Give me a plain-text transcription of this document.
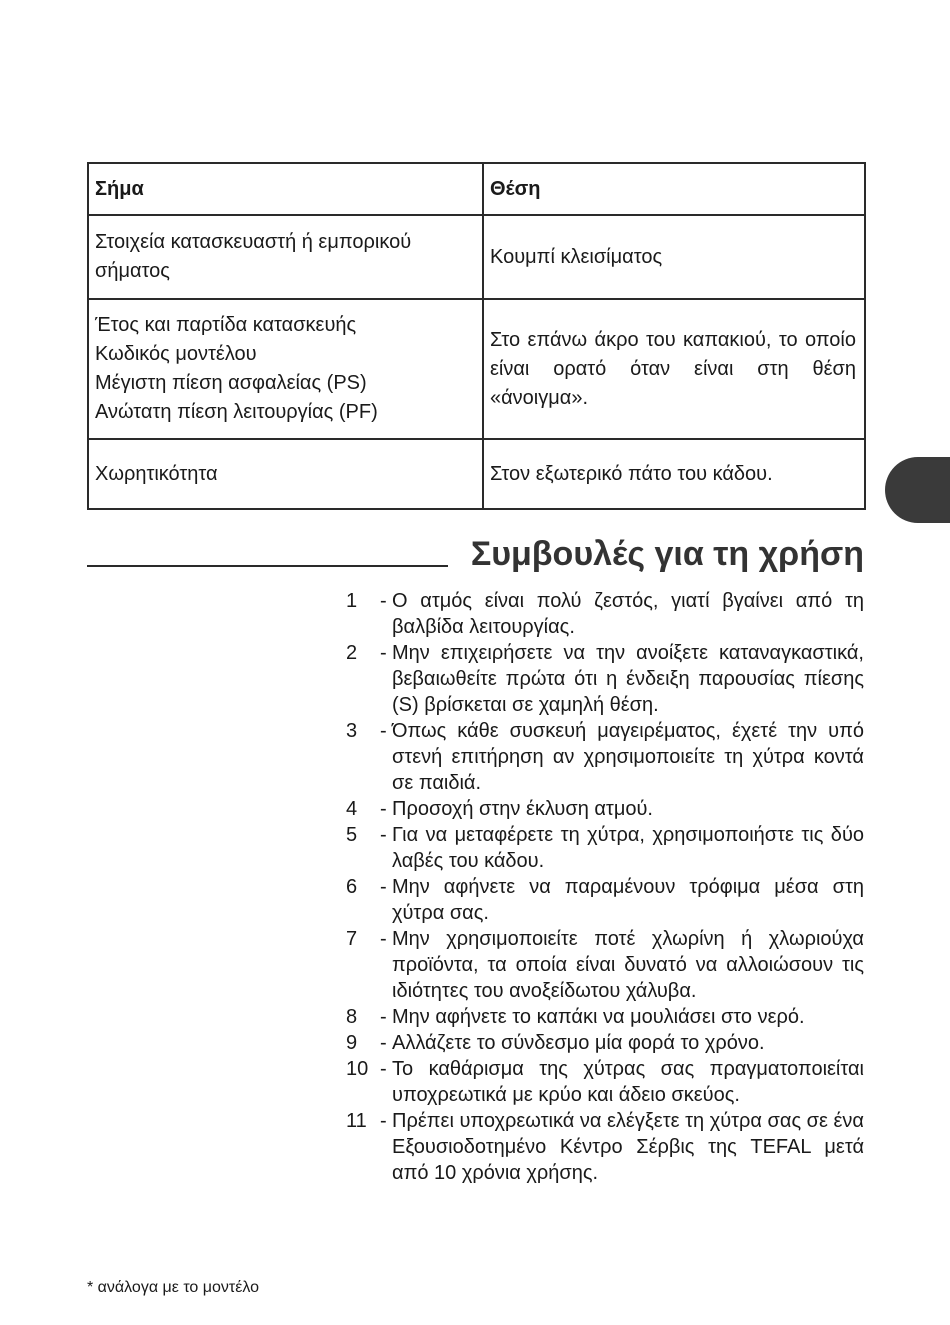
Σήμα	Θέση

Στοιχεία κατασκευαστή ή εμπορικού σήματος	Κουμπί κλεισίματος

Έτος και παρτίδα κατασκευής
Κωδικός μοντέλου
Μέγιστη πίεση ασφαλείας (PS)
Ανώτατη πίεση λειτουργίας (PF)	Στο επάνω άκρο του καπακιού, το οποίο είναι ορατό όταν είναι στη θέση «άνοιγμα».

Χωρητικότητα	Στον εξωτερικό πάτο του κάδου.
Συμβουλές για τη χρήση
1	- Ο ατμός είναι πολύ ζεστός, γιατί βγαίνει από τη βαλβίδα λειτουργίας.
2	- Μην επιχειρήσετε να την ανοίξετε καταναγκαστικά, βεβαιωθείτε πρώτα ότι η ένδειξη παρουσίας πίεσης (S) βρίσκεται σε χαμηλή θέση.
3	- Όπως κάθε συσκευή μαγειρέματος, έχετέ την υπό στενή επιτήρηση αν χρησιμοποιείτε τη χύτρα κοντά σε παιδιά.
4	- Προσοχή στην έκλυση ατμού.
5	- Για να μεταφέρετε τη χύτρα, χρησιμοποιήστε τις δύο λαβές του κάδου.
6	- Μην αφήνετε να παραμένουν τρόφιμα μέσα στη χύτρα σας.
7	- Μην χρησιμοποιείτε ποτέ χλωρίνη ή χλωριούχα προϊόντα, τα οποία είναι δυνατό να αλλοιώσουν τις ιδιότητες του ανοξείδωτου χάλυβα.
8	- Μην αφήνετε το καπάκι να μουλιάσει στο νερό.
9	- Αλλάζετε το σύνδεσμο μία φορά το χρόνο.
10 - Το καθάρισμα της χύτρας σας πραγματοποιείται υποχρεωτικά με κρύο και άδειο σκεύος.
11 - Πρέπει υποχρεωτικά να ελέγξετε τη χύτρα σας σε ένα Εξουσιοδοτημένο Κέντρο Σέρβις της TEFAL μετά από 10 χρόνια χρήσης.
* ανάλογα με το μοντέλο
